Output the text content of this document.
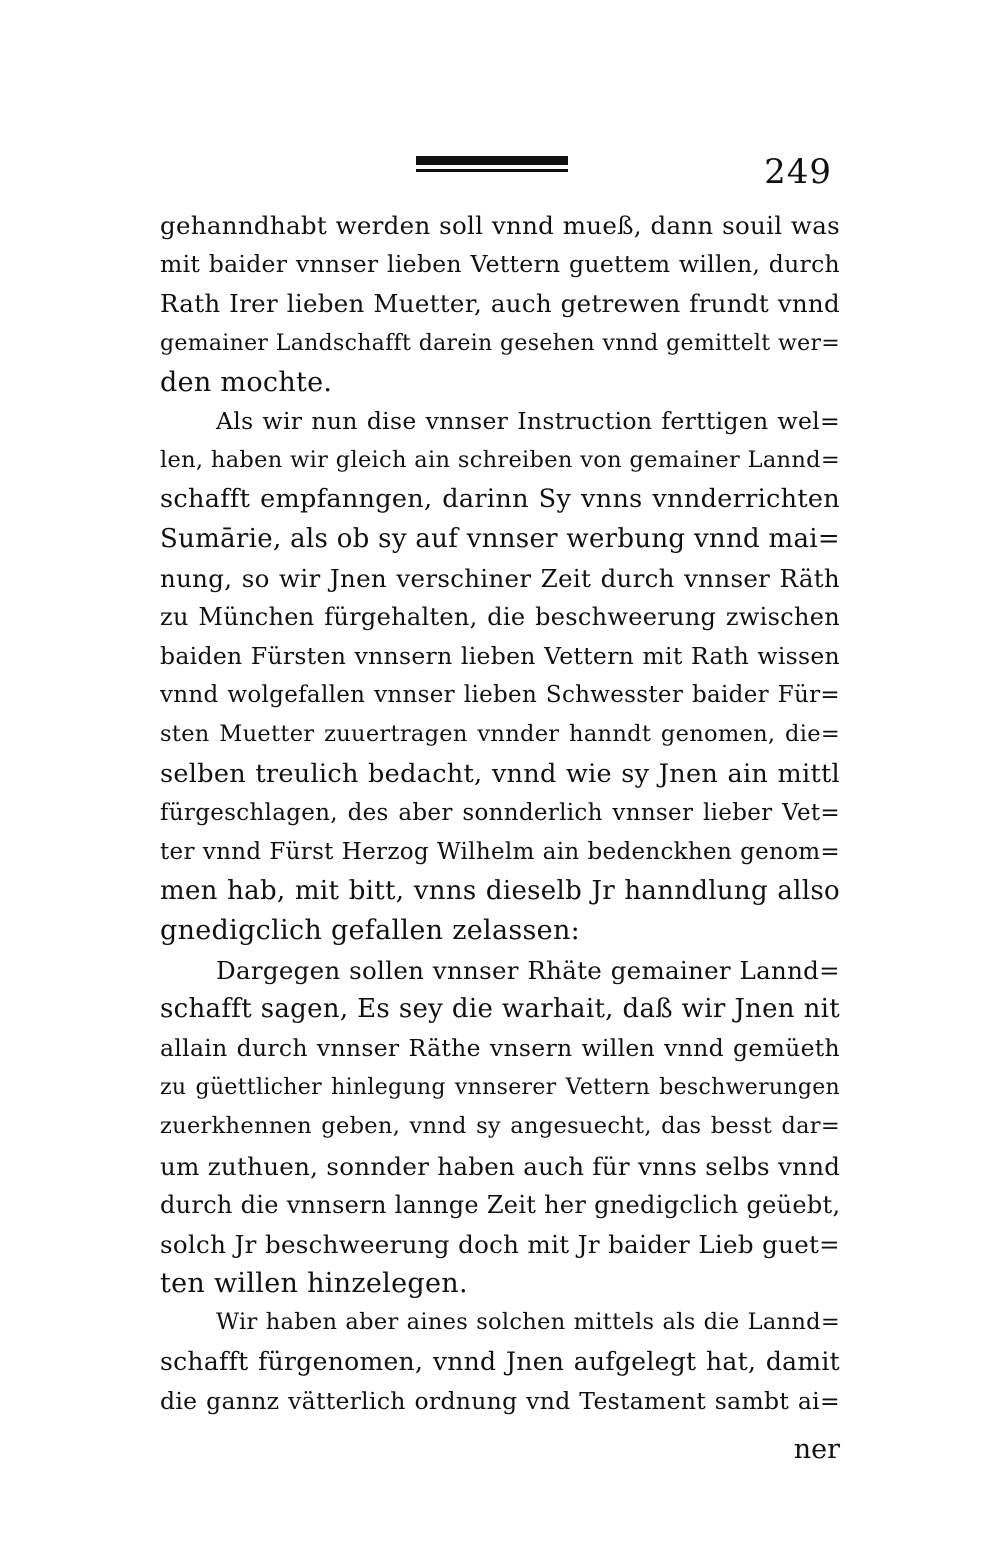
249
gehanndhabt werden soll vnnd mueß, dann souil was
mit baider vnnser lieben Vettern guettem willen, durch
Rath Irer lieben Muetter, auch getrewen frundt vnnd
gemainer Landschafft darein gesehen vnnd gemittelt wer=
den mochte.
Als wir nun dise vnnser Instruction ferttigen wel=
len, haben wir gleich ain schreiben von gemainer Lannd=
schafft empfanngen, darinn Sy vnns vnnderrichten
Sumārie, als ob sy auf vnnser werbung vnnd mai=
nung, so wir Jnen verschiner Zeit durch vnnser Räth
zu München fürgehalten, die beschweerung zwischen
baiden Fürsten vnnsern lieben Vettern mit Rath wissen
vnnd wolgefallen vnnser lieben Schwesster baider Für=
sten Muetter zuuertragen vnnder hanndt genomen, die=
selben treulich bedacht, vnnd wie sy Jnen ain mittl
fürgeschlagen, des aber sonnderlich vnnser lieber Vet=
ter vnnd Fürst Herzog Wilhelm ain bedenckhen genom=
men hab, mit bitt, vnns dieselb Jr hanndlung allso
gnedigclich gefallen zelassen:
Dargegen sollen vnnser Rhäte gemainer Lannd=
schafft sagen, Es sey die warhait, daß wir Jnen nit
allain durch vnnser Räthe vnsern willen vnnd gemüeth
zu güettlicher hinlegung vnnserer Vettern beschwerungen
zuerkhennen geben, vnnd sy angesuecht, das besst dar=
um zuthuen, sonnder haben auch für vnns selbs vnnd
durch die vnnsern lannge Zeit her gnedigclich geüebt,
solch Jr beschweerung doch mit Jr baider Lieb guet=
ten willen hinzelegen.
Wir haben aber aines solchen mittels als die Lannd=
schafft fürgenomen, vnnd Jnen aufgelegt hat, damit
die gannz vätterlich ordnung vnd Testament sambt ai=
ner
